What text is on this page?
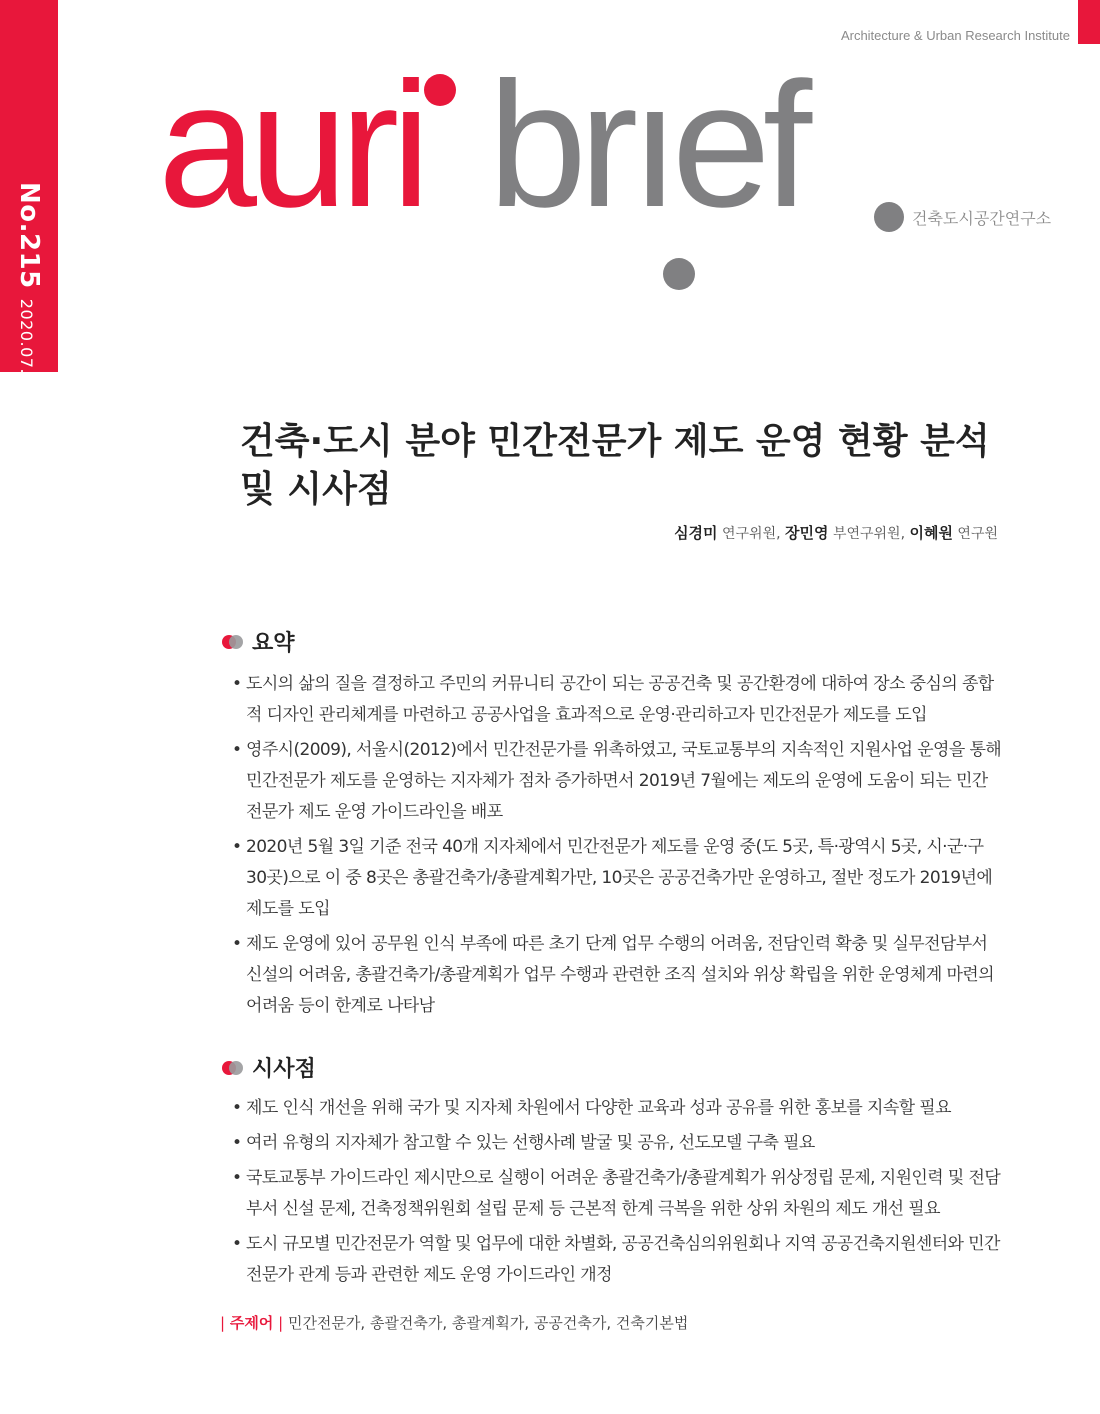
No.215
2020.07.30
Architecture & Urban Research Institute
auri brıef	건축도시공간연구소
건축·도시 분야 민간전문가 제도 운영 현황 분석 및 시사점
심경미 연구위원, 장민영 부연구위원, 이혜원 연구원
요약
• 도시의 삶의 질을 결정하고 주민의 커뮤니티 공간이 되는 공공건축 및 공간환경에 대하여 장소 중심의 종합적 디자인 관리체계를 마련하고 공공사업을 효과적으로 운영·관리하고자 민간전문가 제도를 도입
• 영주시(2009), 서울시(2012)에서 민간전문가를 위촉하였고, 국토교통부의 지속적인 지원사업 운영을 통해 민간전문가 제도를 운영하는 지자체가 점차 증가하면서 2019년 7월에는 제도의 운영에 도움이 되는 민간전문가 제도 운영 가이드라인을 배포
• 2020년 5월 3일 기준 전국 40개 지자체에서 민간전문가 제도를 운영 중(도 5곳, 특·광역시 5곳, 시·군·구 30곳)으로 이 중 8곳은 총괄건축가/총괄계획가만, 10곳은 공공건축가만 운영하고, 절반 정도가 2019년에 제도를 도입
• 제도 운영에 있어 공무원 인식 부족에 따른 초기 단계 업무 수행의 어려움, 전담인력 확충 및 실무전담부서 신설의 어려움, 총괄건축가/총괄계획가 업무 수행과 관련한 조직 설치와 위상 확립을 위한 운영체계 마련의 어려움 등이 한계로 나타남
시사점
• 제도 인식 개선을 위해 국가 및 지자체 차원에서 다양한 교육과 성과 공유를 위한 홍보를 지속할 필요
• 여러 유형의 지자체가 참고할 수 있는 선행사례 발굴 및 공유, 선도모델 구축 필요
• 국토교통부 가이드라인 제시만으로 실행이 어려운 총괄건축가/총괄계획가 위상정립 문제, 지원인력 및 전담부서 신설 문제, 건축정책위원회 설립 문제 등 근본적 한계 극복을 위한 상위 차원의 제도 개선 필요
• 도시 규모별 민간전문가 역할 및 업무에 대한 차별화, 공공건축심의위원회나 지역 공공건축지원센터와 민간전문가 관계 등과 관련한 제도 운영 가이드라인 개정
| 주제어 | 민간전문가, 총괄건축가, 총괄계획가, 공공건축가, 건축기본법
